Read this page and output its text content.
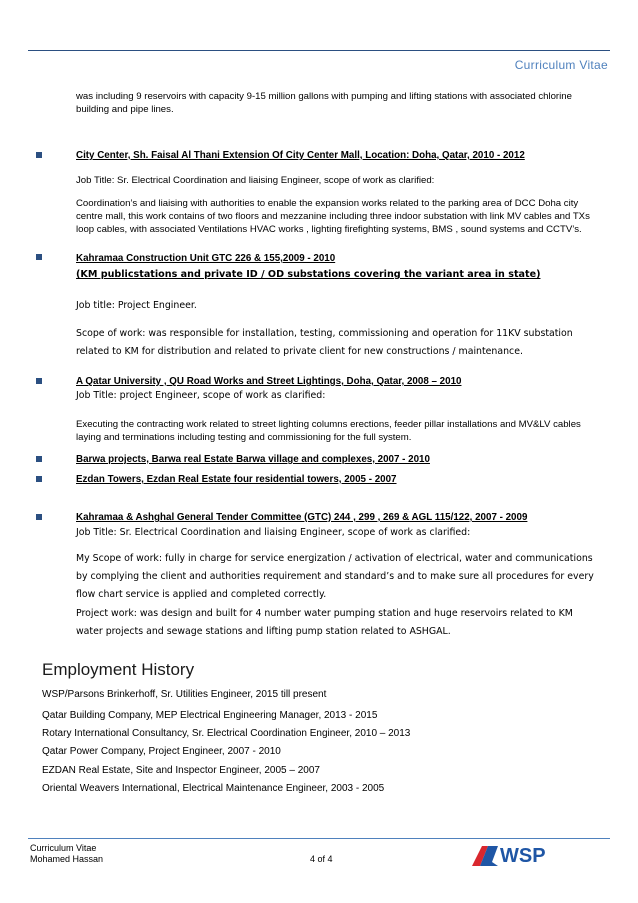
Curriculum Vitae
was including 9 reservoirs with capacity 9-15 million gallons with pumping and lifting stations with associated chlorine building and pipe lines.
City Center, Sh. Faisal Al Thani Extension Of City Center Mall, Location: Doha, Qatar, 2010 - 2012
Job Title: Sr. Electrical Coordination and liaising Engineer, scope of work as clarified:
Coordination’s and liaising with authorities to enable the expansion works related to the parking area of DCC Doha city centre mall, this work contains of two floors and mezzanine including three indoor substation with link MV cables and TXs loop cables, with associated Ventilations HVAC works , lighting firefighting systems, BMS , sound systems and CCTV’s.
Kahramaa Construction Unit GTC 226 & 155,2009 - 2010
(KM publicstations and private ID / OD substations covering the variant area in state)
Job title: Project Engineer.
Scope of work: was responsible for installation, testing, commissioning and operation for 11KV substation related to KM for distribution and related to private client for new constructions / maintenance.
A Qatar University , QU Road Works and Street Lightings, Doha, Qatar, 2008 – 2010
Job Title: project Engineer, scope of work as clarified:
Executing the contracting work related to street lighting columns erections, feeder pillar installations and MV&LV cables laying and terminations including testing and commissioning for the full system.
Barwa projects, Barwa real Estate Barwa village and complexes, 2007 - 2010
Ezdan Towers, Ezdan Real Estate four residential towers, 2005 - 2007
Kahramaa & Ashghal General Tender Committee (GTC) 244 , 299 , 269 & AGL 115/122, 2007 - 2009
Job Title: Sr. Electrical Coordination and liaising Engineer, scope of work as clarified:
My Scope of work: fully in charge for service energization / activation of electrical, water and communications by complying the client and authorities requirement and standard’s and to make sure all procedures for every flow chart service is applied and completed correctly.
Project work: was design and built for 4 number water pumping station and huge reservoirs related to KM water projects and sewage stations and lifting pump station related to ASHGAL.
Employment History
WSP/Parsons Brinkerhoff, Sr. Utilities Engineer, 2015 till present
Qatar Building Company, MEP Electrical Engineering Manager, 2013 - 2015
Rotary International Consultancy, Sr. Electrical Coordination Engineer, 2010 – 2013
Qatar Power Company, Project Engineer, 2007 - 2010
EZDAN Real Estate, Site and Inspector Engineer, 2005 – 2007
Oriental Weavers International, Electrical Maintenance Engineer, 2003 - 2005
Curriculum Vitae
Mohamed Hassan	4 of 4	WSP
